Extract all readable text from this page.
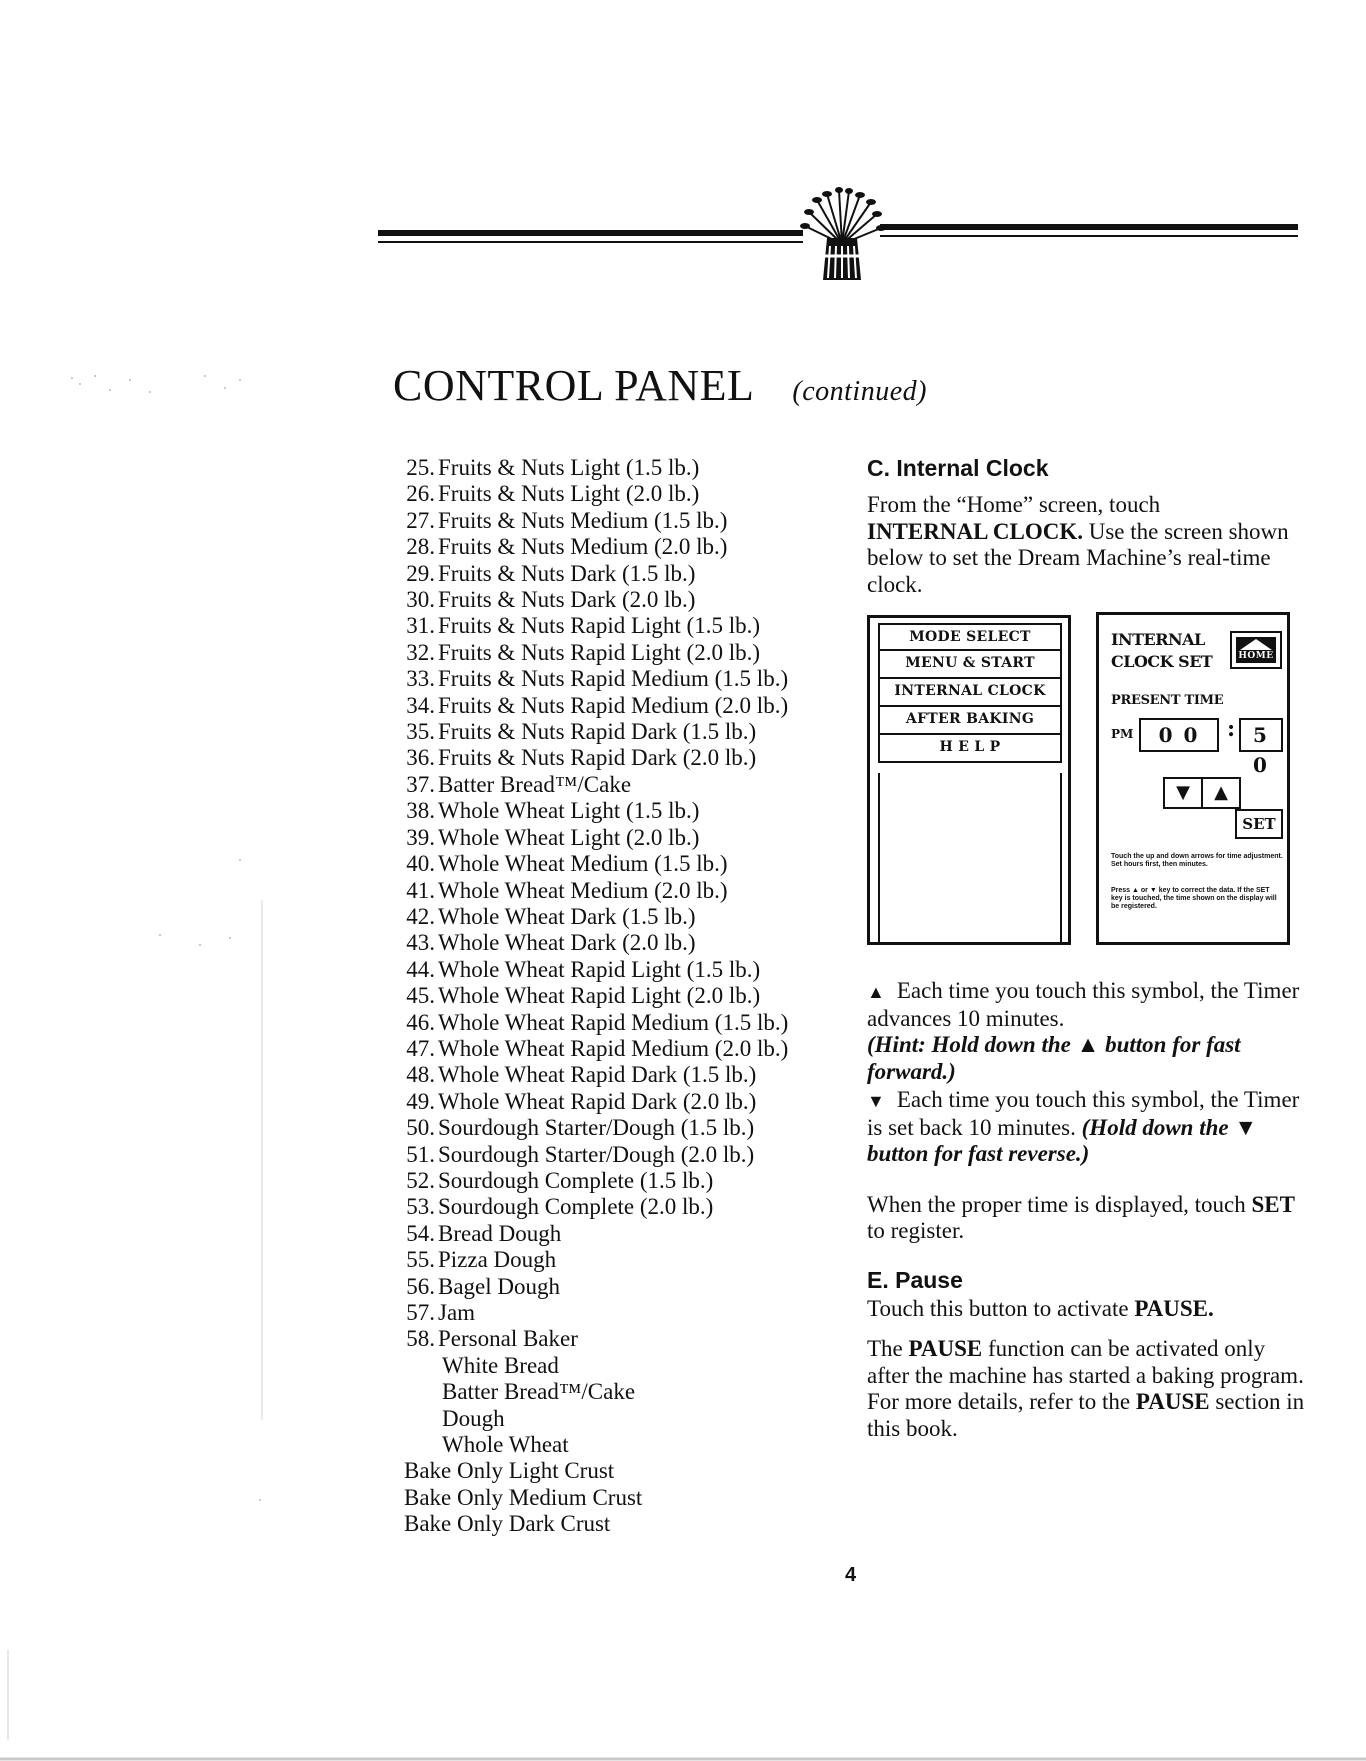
CONTROL PANEL (continued)
25. Fruits & Nuts Light (1.5 lb.)
26. Fruits & Nuts Light (2.0 lb.)
27. Fruits & Nuts Medium (1.5 lb.)
28. Fruits & Nuts Medium (2.0 lb.)
29. Fruits & Nuts Dark (1.5 lb.)
30. Fruits & Nuts Dark (2.0 lb.)
31. Fruits & Nuts Rapid Light (1.5 lb.)
32. Fruits & Nuts Rapid Light (2.0 lb.)
33. Fruits & Nuts Rapid Medium (1.5 lb.)
34. Fruits & Nuts Rapid Medium (2.0 lb.)
35. Fruits & Nuts Rapid Dark (1.5 lb.)
36. Fruits & Nuts Rapid Dark (2.0 lb.)
37. Batter Bread™/Cake
38. Whole Wheat Light (1.5 lb.)
39. Whole Wheat Light (2.0 lb.)
40. Whole Wheat Medium (1.5 lb.)
41. Whole Wheat Medium (2.0 lb.)
42. Whole Wheat Dark (1.5 lb.)
43. Whole Wheat Dark (2.0 lb.)
44. Whole Wheat Rapid Light (1.5 lb.)
45. Whole Wheat Rapid Light (2.0 lb.)
46. Whole Wheat Rapid Medium (1.5 lb.)
47. Whole Wheat Rapid Medium (2.0 lb.)
48. Whole Wheat Rapid Dark (1.5 lb.)
49. Whole Wheat Rapid Dark (2.0 lb.)
50. Sourdough Starter/Dough (1.5 lb.)
51. Sourdough Starter/Dough (2.0 lb.)
52. Sourdough Complete (1.5 lb.)
53. Sourdough Complete (2.0 lb.)
54. Bread Dough
55. Pizza Dough
56. Bagel Dough
57. Jam
58. Personal Baker
White Bread
Batter Bread™/Cake
Dough
Whole Wheat
Bake Only Light Crust
Bake Only Medium Crust
Bake Only Dark Crust
C. Internal Clock

From the “Home” screen, touch
INTERNAL CLOCK. Use the screen shown below to set the Dream Machine’s real-time clock.

MODE SELECT
MENU & START
INTERNAL CLOCK
AFTER BAKING
H E L P
INTERNAL
CLOCK SET	HOME
PRESENT TIME
PM	0 0	: 5 0
▼	▲
SET
Touch the up and down arrows for time adjustment. Set hours first, then minutes.
Press ▲ or ▼ key to correct the data. If the SET key is touched, the time shown on the display will be registered.

▲ Each time you touch this symbol, the Timer advances 10 minutes.
(Hint: Hold down the ▲ button for fast forward.)

▼ Each time you touch this symbol, the Timer is set back 10 minutes. (Hold down the ▼ button for fast reverse.)

When the proper time is displayed, touch SET to register.

E. Pause

Touch this button to activate PAUSE.

The PAUSE function can be activated only after the machine has started a baking program. For more details, refer to the PAUSE section in this book.

4
